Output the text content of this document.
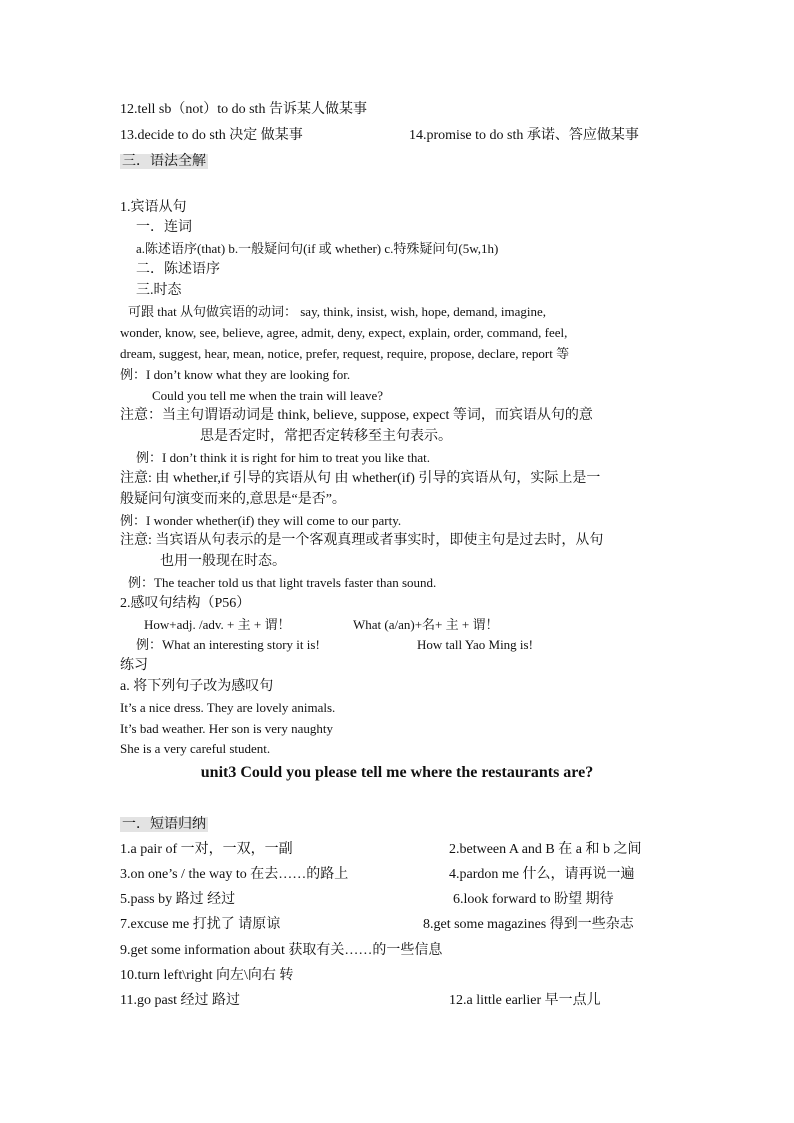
12.tell sb（not）to do sth 告诉某人做某事
13.decide to do sth 决定 做某事	14.promise to do sth 承诺、答应做某事
三．语法全解
1.宾语从句
一．连词
a.陈述语序(that) b.一般疑问句(if 或 whether) c.特殊疑问句(5w,1h)
二．陈述语序
三.时态
可跟 that 从句做宾语的动词： say, think, insist, wish, hope, demand, imagine,
wonder, know, see, believe, agree, admit, deny, expect, explain, order, command, feel,
dream, suggest, hear, mean, notice, prefer, request, require, propose, declare, report 等
例：I don’t know what they are looking for.
Could you tell me when the train will leave?
注意：当主句谓语动词是 think, believe, suppose, expect 等词，而宾语从句的意
思是否定时，常把否定转移至主句表示。
例：I don’t think it is right for him to treat you like that.
注意: 由 whether,if 引导的宾语从句 由 whether(if) 引导的宾语从句，实际上是一
般疑问句演变而来的,意思是“是否”。
例：I wonder whether(if) they will come to our party.
注意: 当宾语从句表示的是一个客观真理或者事实时，即使主句是过去时，从句
也用一般现在时态。
例：The teacher told us that light travels faster than sound.
2.感叹句结构（P56）
How+adj. /adv. + 主 + 谓！	What (a/an)+名+ 主 + 谓！
例：What an interesting story it is!	How tall Yao Ming is!
练习
a. 将下列句子改为感叹句
It’s a nice dress. They are lovely animals.
It’s bad weather. Her son is very naughty
She is a very careful student.
unit3 Could you please tell me where the restaurants are?
一．短语归纳
1.a pair of 一对，一双，一副	2.between A and B 在 a 和 b 之间
3.on one’s / the way to 在去……的路上	4.pardon me 什么，请再说一遍
5.pass by 路过 经过	6.look forward to 盼望 期待
7.excuse me 打扰了 请原谅	8.get some magazines 得到一些杂志
9.get some information about 获取有关……的一些信息
10.turn left\right 向左\向右 转
11.go past 经过 路过	12.a little earlier 早一点儿
